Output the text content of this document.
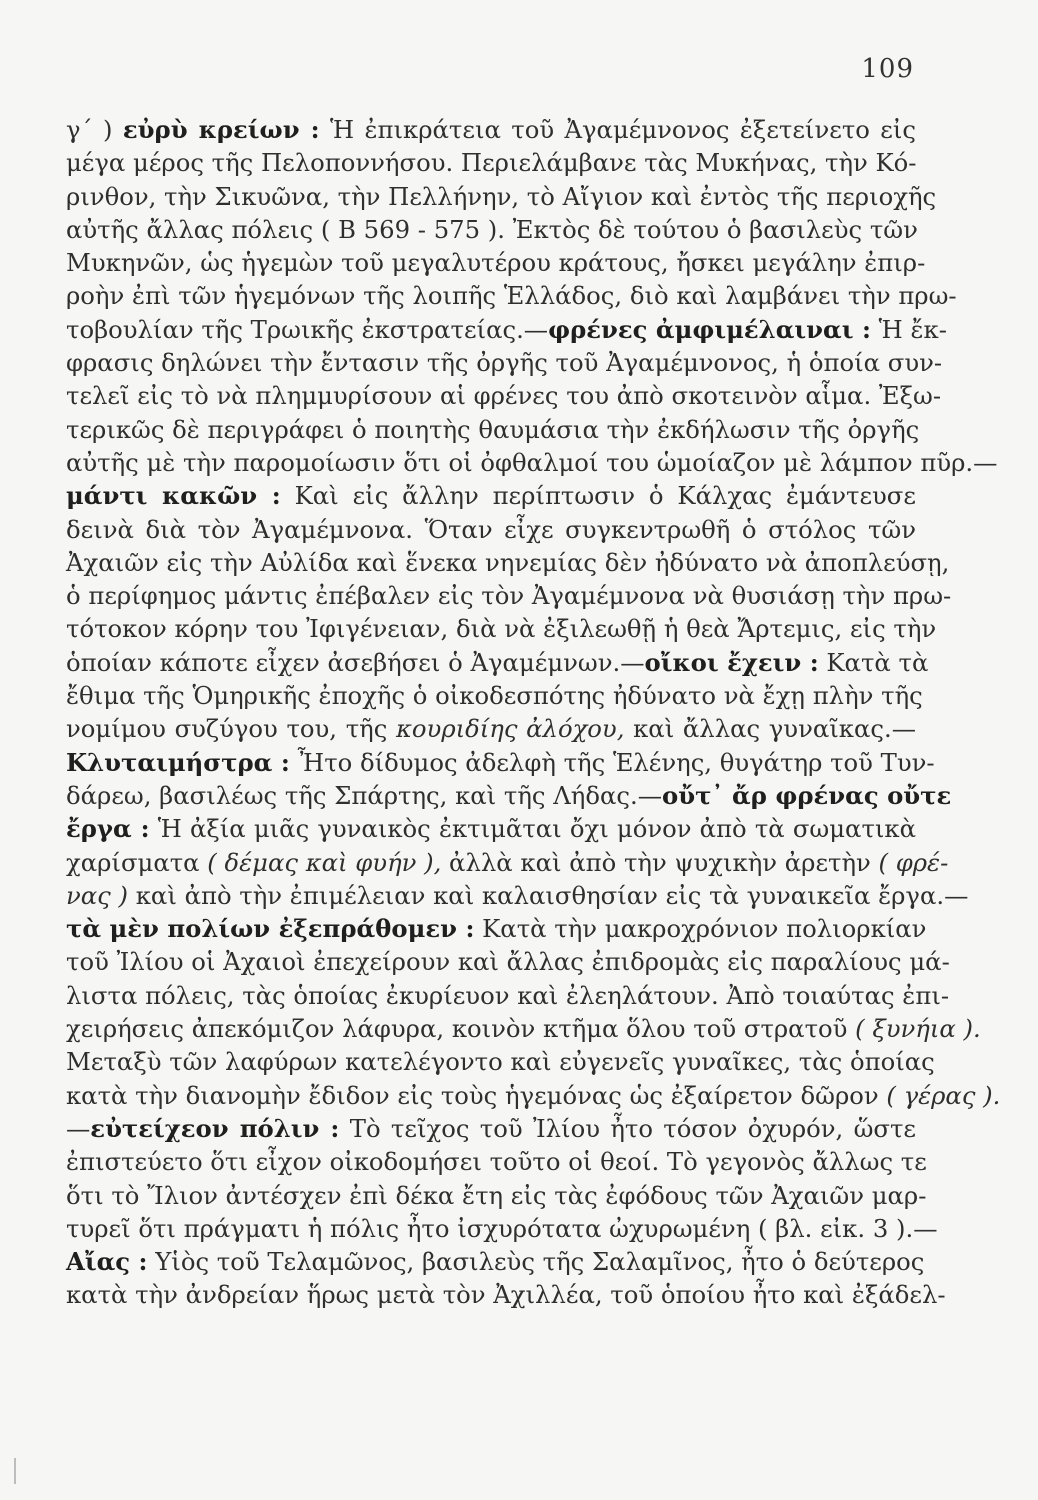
109
γ΄ ) εὐρὺ κρείων : Ἡ ἐπικράτεια τοῦ Ἀγαμέμνονος ἐξετείνετο εἰς
μέγα μέρος τῆς Πελοποννήσου. Περιελάμβανε τὰς Μυκήνας, τὴν Κό-
ρινθον, τὴν Σικυῶνα, τὴν Πελλήνην, τὸ Αἴγιον καὶ ἐντὸς τῆς περιοχῆς
αὐτῆς ἄλλας πόλεις ( Β 569 - 575 ). Ἐκτὸς δὲ τούτου ὁ βασιλεὺς τῶν
Μυκηνῶν, ὡς ἡγεμὼν τοῦ μεγαλυτέρου κράτους, ἤσκει μεγάλην ἐπιρ-
ροὴν ἐπὶ τῶν ἡγεμόνων τῆς λοιπῆς Ἑλλάδος, διὸ καὶ λαμβάνει τὴν πρω-
τοβουλίαν τῆς Τρωικῆς ἐκστρατείας.—φρένες ἀμφιμέλαιναι : Ἡ ἔκ-
φρασις δηλώνει τὴν ἔντασιν τῆς ὀργῆς τοῦ Ἀγαμέμνονος, ἡ ὁποία συν-
τελεῖ εἰς τὸ νὰ πλημμυρίσουν αἱ φρένες του ἀπὸ σκοτεινὸν αἷμα. Ἐξω-
τερικῶς δὲ περιγράφει ὁ ποιητὴς θαυμάσια τὴν ἐκδήλωσιν τῆς ὀργῆς
αὐτῆς μὲ τὴν παρομοίωσιν ὅτι οἱ ὀφθαλμοί του ὡμοίαζον μὲ λάμπον πῦρ.—
μάντι κακῶν : Καὶ εἰς ἄλλην περίπτωσιν ὁ Κάλχας ἐμάντευσε
δεινὰ διὰ τὸν Ἀγαμέμνονα. Ὅταν εἶχε συγκεντρωθῆ ὁ στόλος τῶν
Ἀχαιῶν εἰς τὴν Αὐλίδα καὶ ἕνεκα νηνεμίας δὲν ἠδύνατο νὰ ἀποπλεύσῃ,
ὁ περίφημος μάντις ἐπέβαλεν εἰς τὸν Ἀγαμέμνονα νὰ θυσιάσῃ τὴν πρω-
τότοκον κόρην του Ἰφιγένειαν, διὰ νὰ ἐξιλεωθῇ ἡ θεὰ Ἄρτεμις, εἰς τὴν
ὁποίαν κάποτε εἶχεν ἀσεβήσει ὁ Ἀγαμέμνων.—οἴκοι ἔχειν : Κατὰ τὰ
ἔθιμα τῆς Ὁμηρικῆς ἐποχῆς ὁ οἰκοδεσπότης ἠδύνατο νὰ ἔχῃ πλὴν τῆς
νομίμου συζύγου του, τῆς κουριδίης ἀλόχου, καὶ ἄλλας γυναῖκας.—
Κλυταιμήστρα : Ἦτο δίδυμος ἀδελφὴ τῆς Ἑλένης, θυγάτηρ τοῦ Τυν-
δάρεω, βασιλέως τῆς Σπάρτης, καὶ τῆς Λήδας.—οὔτ᾽ ἄρ φρένας οὔτε
ἔργα : Ἡ ἀξία μιᾶς γυναικὸς ἐκτιμᾶται ὄχι μόνον ἀπὸ τὰ σωματικὰ
χαρίσματα ( δέμας καὶ φυήν ), ἀλλὰ καὶ ἀπὸ τὴν ψυχικὴν ἀρετὴν ( φρέ-
νας ) καὶ ἀπὸ τὴν ἐπιμέλειαν καὶ καλαισθησίαν εἰς τὰ γυναικεῖα ἔργα.—
τὰ μὲν πολίων ἐξεπράθομεν : Κατὰ τὴν μακροχρόνιον πολιορκίαν
τοῦ Ἰλίου οἱ Ἀχαιοὶ ἐπεχείρουν καὶ ἄλλας ἐπιδρομὰς εἰς παραλίους μά-
λιστα πόλεις, τὰς ὁποίας ἐκυρίευον καὶ ἐλεηλάτουν. Ἀπὸ τοιαύτας ἐπι-
χειρήσεις ἀπεκόμιζον λάφυρα, κοινὸν κτῆμα ὅλου τοῦ στρατοῦ ( ξυνήια ).
Μεταξὺ τῶν λαφύρων κατελέγοντο καὶ εὐγενεῖς γυναῖκες, τὰς ὁποίας
κατὰ τὴν διανομὴν ἔδιδον εἰς τοὺς ἡγεμόνας ὡς ἐξαίρετον δῶρον ( γέρας ).
—εὐτείχεον πόλιν : Τὸ τεῖχος τοῦ Ἰλίου ἦτο τόσον ὀχυρόν, ὥστε
ἐπιστεύετο ὅτι εἶχον οἰκοδομήσει τοῦτο οἱ θεοί. Τὸ γεγονὸς ἄλλως τε
ὅτι τὸ Ἴλιον ἀντέσχεν ἐπὶ δέκα ἔτη εἰς τὰς ἐφόδους τῶν Ἀχαιῶν μαρ-
τυρεῖ ὅτι πράγματι ἡ πόλις ἦτο ἰσχυρότατα ὠχυρωμένη ( βλ. εἰκ. 3 ).—
Αἴας : Υἱὸς τοῦ Τελαμῶνος, βασιλεὺς τῆς Σαλαμῖνος, ἦτο ὁ δεύτερος
κατὰ τὴν ἀνδρείαν ἥρως μετὰ τὸν Ἀχιλλέα, τοῦ ὁποίου ἦτο καὶ ἐξάδελ-
